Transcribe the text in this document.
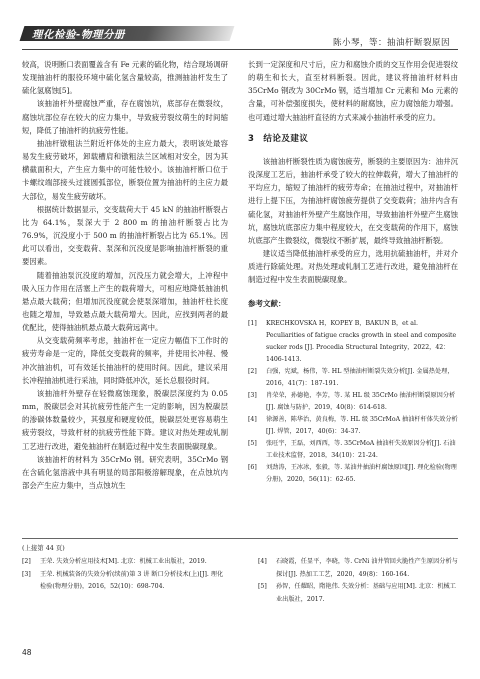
理化检验-物理分册
陈小琴，等：抽油杆断裂原因

较高，说明断口表面覆盖含有 Fe 元素的硫化物，结合现场调研发现抽油杆的服役环境中硫化氢含量较高，推测抽油杆发生了硫化氢腐蚀[5]。

该抽油杆外壁腐蚀严重，存在腐蚀坑，底部存在微裂纹，腐蚀坑部位存在较大的应力集中，导致疲劳裂纹萌生的时间缩短，降低了抽油杆的抗疲劳性能。

抽油杆镦粗法兰附近杆体处的主应力最大，表明该处最容易发生疲劳破坏，卸载槽肩和镦粗法兰区域相对安全，因为其横截面积大，产生应力集中的可能性较小。该抽油杆断口位于卡螺纹端部接头过渡圆弧部位，断裂位置为抽油杆的主应力最大部位，易发生疲劳破坏。

根据统计数据显示，交变载荷大于 45 kN 的抽油杆断裂占比为 64.1%，泵深大于 2 800 m 的抽油杆断裂占比为 76.9%，沉没度小于 500 m 的抽油杆断裂占比为 65.1%。因此可以看出，交变载荷、泵深和沉没度是影响抽油杆断裂的重要因素。

随着抽油泵沉没度的增加，沉没压力就会增大，上冲程中吸入压力作用在活塞上产生的载荷增大，可相应地降低抽油机悬点最大载荷；但增加沉没度就会使泵深增加，抽油杆柱长度也随之增加，导致悬点最大载荷增大。因此，应找到两者的最优配比，使得抽油机悬点最大载荷远离中。

从交变载荷频率考虑，抽油杆在一定应力幅值下工作时的疲劳寿命是一定的，降低交变载荷的频率，并使用长冲程、慢冲次抽油机，可有效延长抽油杆的使用时间。因此，建议采用长冲程抽油机进行采油，同时降低冲次，延长总服役时间。

该抽油杆外壁存在轻微腐蚀现象，脱碳层深度约为 0.05 mm，脱碳层会对其抗疲劳性能产生一定的影响，因为脱碳层的渗碳体数量较少，其强度和硬度较低，脱碳层处更容易萌生疲劳裂纹，导致杆材的抗疲劳性能下降。建议对热处理或轧制工艺进行改进，避免抽油杆在制造过程中发生表面脱碳现象。

该抽油杆的材料为 35CrMo 钢。研究表明，35CrMo 钢在含硫化氢溶液中具有明显的局部阳极溶解现象，在点蚀坑内部会产生应力集中，当点蚀坑生

长到一定深度和尺寸后，应力和腐蚀介质的交互作用会促进裂纹的萌生和长大，直至材料断裂。因此，建议将抽油杆材料由 35CrMo 钢改为 30CrMo 钢，适当增加 Cr 元素和 Mo 元素的含量，可补偿强度损失，使材料的耐腐蚀，应力腐蚀能力增强。也可通过增大抽油杆直径的方式来减小抽油杆承受的应力。

3　结论及建议

该抽油杆断裂性质为腐蚀疲劳，断裂的主要原因为：油井沉没深度工艺后，抽油杆承受了较大的拉伸载荷，增大了抽油杆的平均应力，缩短了抽油杆的疲劳寿命；在抽油过程中，对抽油杆进行上提下压，为抽油杆腐蚀疲劳提供了交变载荷；油井内含有硫化氢，对抽油杆外壁产生腐蚀作用，导致抽油杆外壁产生腐蚀坑，腐蚀坑底部应力集中程度较大，在交变载荷的作用下，腐蚀坑底部产生微裂纹，微裂纹不断扩展，最终导致抽油杆断裂。

建议适当降低抽油杆承受的应力，选用抗硫抽油杆，并对介质进行除硫处理。对热处理或轧制工艺进行改进，避免抽油杆在制造过程中发生表面脱碳现象。

参考文献：
[1]	KRECHKOVSKA H，KOPEY B，BAKUN B，et al. Peculiarities of fatigue cracks growth in steel and composite sucker rods [J]. Procedia Structural Integrity，2022，42：1406-1413.
[2]	白强，宪斌，杨伟，等. HL 型抽油杆断裂失效分析[J]. 金属热处理，2016，41(7)：187-191.
[3]	肖荣荣，孙德艳，李芳，等. 某 HL 级 35CrMo 抽油杆断裂原因分析[J]. 腐蚀与防护，2019，40(8)：614-618.
[4]	徐源善，陈华治，黄良梅，等. HL 级 35CrMoA 抽油杆杆体失效分析[J]. 焊管，2017，40(6)：34-37.
[5]	张旺宇，王磊，刘西西，等. 35CrMoA 抽油杆失效原因分析[J]. 石油工业技术监督，2018，34(10)：21-24.
[6]	刘劲涛，王冰冰，张毅，等. 某油井抽油杆腐蚀原因[J]. 理化检验(物理分册)，2020，56(11)：62-65.
(上接第 44 页)
[2]	王荣. 失效分析应用技术[M]. 北京：机械工业出版社，2019.
[3]	王荣. 机械装备的失效分析(续前)第 3 讲 断口分析技术(上)[J]. 理化检验(物理分册)，2016，52(10)：698-704.
[4]	石晓霞，任显平，李晓，等. CrNi 油井管回火脆性产生原因分析与探讨[J]. 热加工工艺，2020，49(8)：160-164.
[5]	孙智，任耀昭，隋艳伟. 失效分析：基础与应用[M]. 北京：机械工业出版社，2017.
48
